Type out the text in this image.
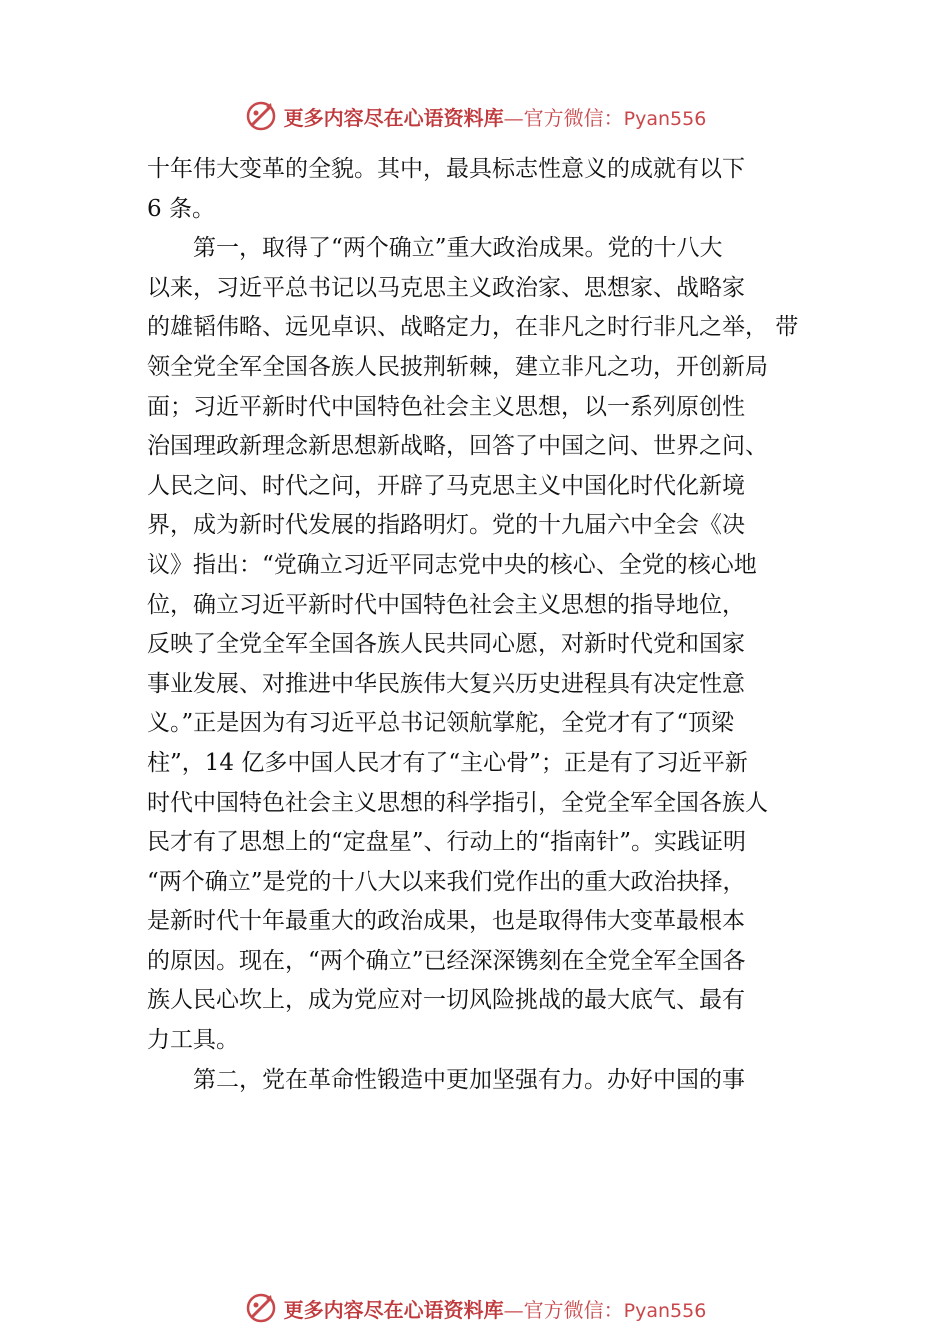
更多内容尽在心语资料库—官方微信：Pyan556
十年伟大变革的全貌。其中，最具标志性意义的成就有以下
6 条。
　　第一，取得了“两个确立”重大政治成果。党的十八大
以来，习近平总书记以马克思主义政治家、思想家、战略家
的雄韬伟略、远见卓识、战略定力，在非凡之时行非凡之举， 带
领全党全军全国各族人民披荆斩棘，建立非凡之功，开创新局
面；习近平新时代中国特色社会主义思想，以一系列原创性
治国理政新理念新思想新战略，回答了中国之问、世界之问、
人民之问、时代之问，开辟了马克思主义中国化时代化新境
界，成为新时代发展的指路明灯。党的十九届六中全会《决
议》指出：“党确立习近平同志党中央的核心、全党的核心地
位，确立习近平新时代中国特色社会主义思想的指导地位，
反映了全党全军全国各族人民共同心愿，对新时代党和国家
事业发展、对推进中华民族伟大复兴历史进程具有决定性意
义。”正是因为有习近平总书记领航掌舵，全党才有了“顶梁
柱”，14 亿多中国人民才有了“主心骨”；正是有了习近平新
时代中国特色社会主义思想的科学指引，全党全军全国各族人
民才有了思想上的“定盘星”、行动上的“指南针”。实践证明
“两个确立”是党的十八大以来我们党作出的重大政治抉择，
是新时代十年最重大的政治成果，也是取得伟大变革最根本
的原因。现在，“两个确立”已经深深镌刻在全党全军全国各
族人民心坎上，成为党应对一切风险挑战的最大底气、最有
力工具。
　　第二，党在革命性锻造中更加坚强有力。办好中国的事
更多内容尽在心语资料库—官方微信：Pyan556
